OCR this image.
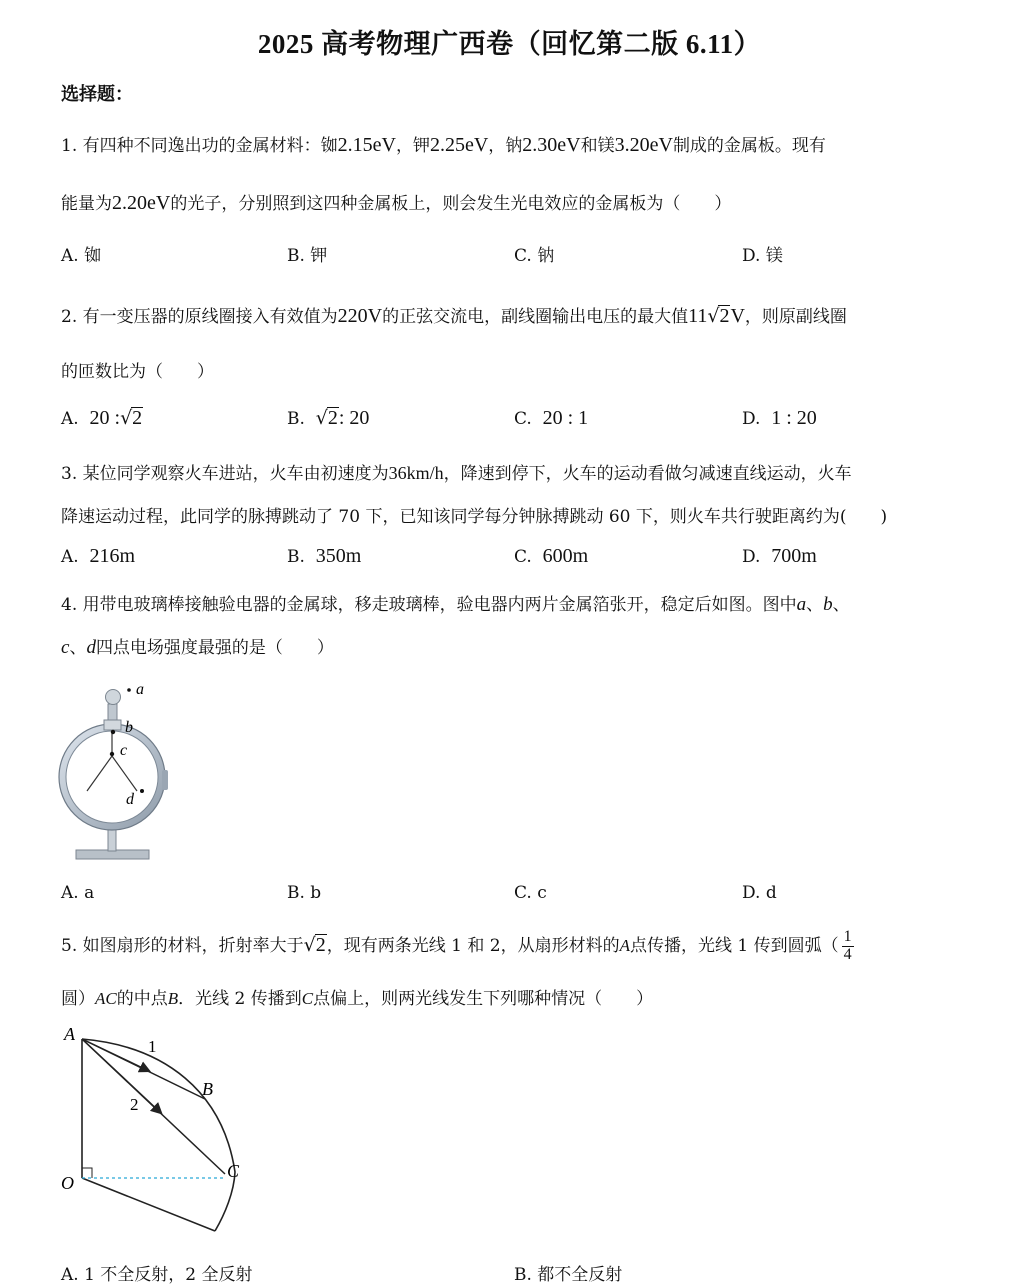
2025 高考物理广西卷（回忆第二版 6.11）
选择题：
1. 有四种不同逸出功的金属材料：铷2.15eV，钾2.25eV，钠2.30eV和镁3.20eV制成的金属板。现有
能量为2.20eV的光子，分别照到这四种金属板上，则会发生光电效应的金属板为（　　）
A. 铷	B. 钾	C. 钠	D. 镁
2. 有一变压器的原线圈接入有效值为220V的正弦交流电，副线圈输出电压的最大值11√2V，则原副线圈
的匝数比为（　　）
A. 20 :√2	B. √2: 20	C. 20 : 1	D. 1 : 20
3. 某位同学观察火车进站，火车由初速度为36km/h，降速到停下，火车的运动看做匀减速直线运动，火车
降速运动过程，此同学的脉搏跳动了 70 下，已知该同学每分钟脉搏跳动 60 下，则火车共行驶距离约为(　　)
A. 216m	B. 350m	C. 600m	D. 700m
4. 用带电玻璃棒接触验电器的金属球，移走玻璃棒，验电器内两片金属箔张开，稳定后如图。图中a、b、
c、d四点电场强度最强的是（　　）
a
b
c
d
A. a	B. b	C. c	D. d
5. 如图扇形的材料，折射率大于√2，现有两条光线 1 和 2，从扇形材料的A点传播，光线 1 传到圆弧（ $\frac{1}{4}$
圆）AC的中点B．光线 2 传播到C点偏上，则两光线发生下列哪种情况（　　）
A
1
B
2
C
O
A. 1 不全反射，2 全反射	B. 都不全反射
